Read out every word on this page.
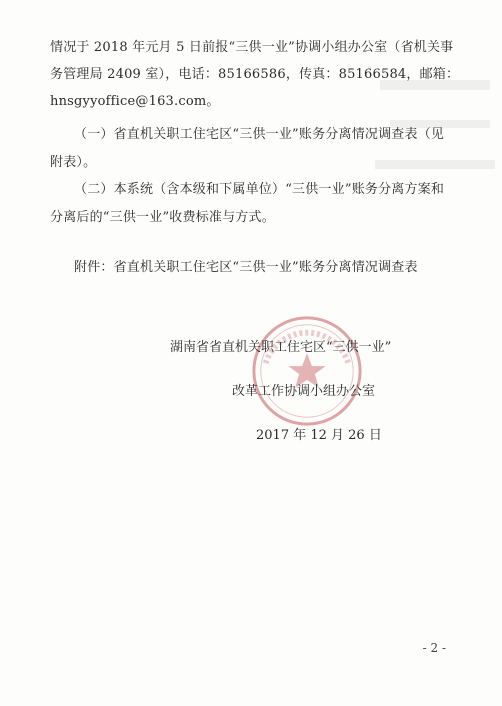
情况于 2018 年元月 5 日前报“三供一业”协调小组办公室（省机关事

务管理局 2409 室），电话：85166586，传真：85166584，邮箱：

hnsgyyoffice@163.com。

（一）省直机关职工住宅区“三供一业”账务分离情况调查表（见

附表）。

（二）本系统（含本级和下属单位）“三供一业”账务分离方案和

分离后的“三供一业”收费标准与方式。

附件：省直机关职工住宅区“三供一业”账务分离情况调查表

湖南省省直机关职工住宅区“三供一业”
改革工作协调小组办公室
2017 年 12 月 26 日
- 2 -
